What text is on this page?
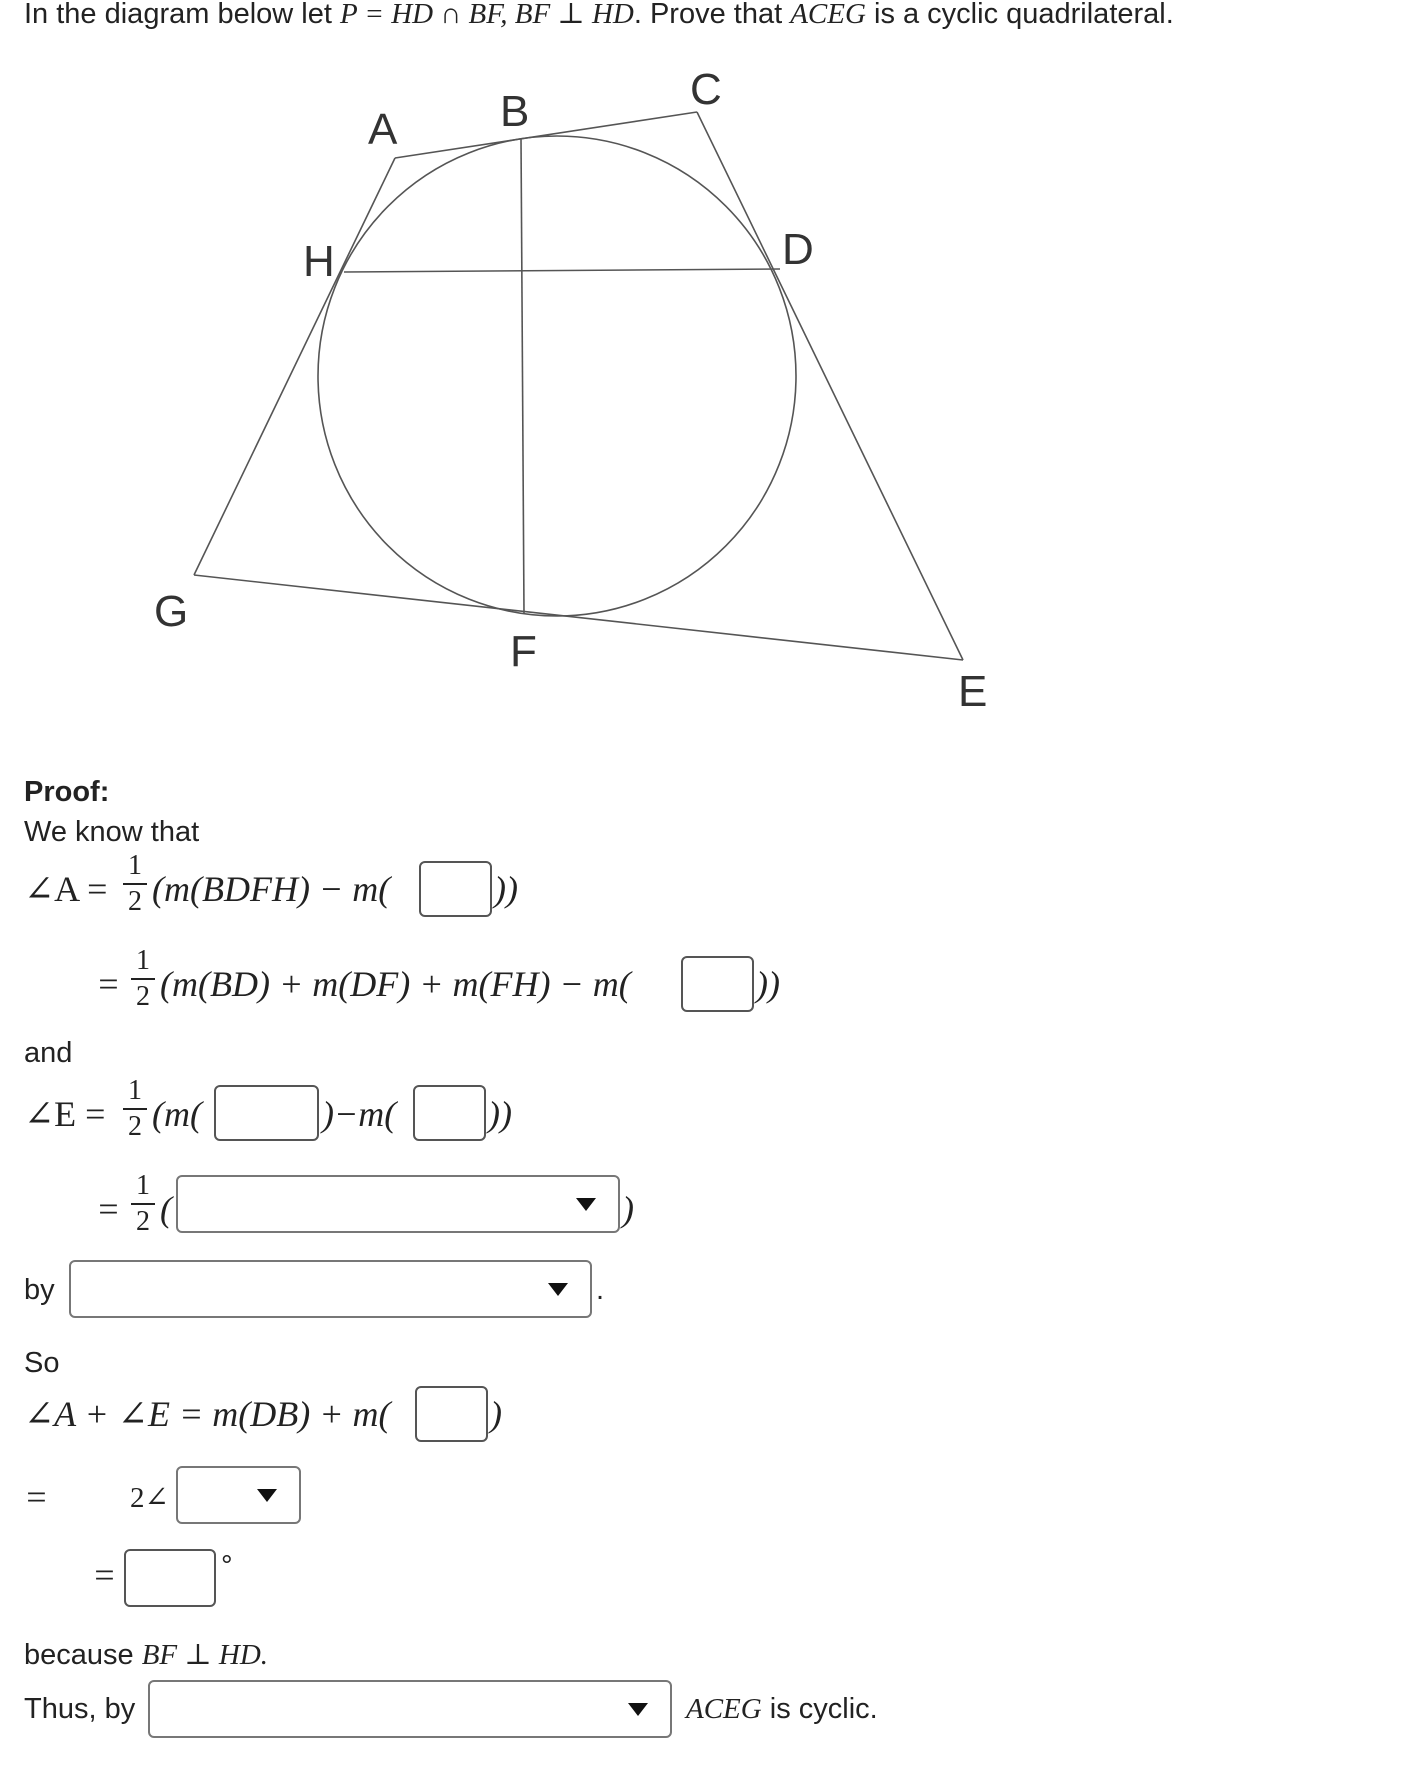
In the diagram below let P = HD ∩ BF, BF ⊥ HD. Prove that ACEG is a cyclic quadrilateral.
A B	C
D
E
F
G
H
Proof:
We know that
∠A =
1
2 (m(BDFH) − m(	))
=
1
2 (m(BD) + m(DF) + m(FH) − m(	))
and
∠E =
1
2 (m(	)−m(	))
=
1
2 (	)
by	.
So
∠A + ∠E = m(DB) + m(	)
=	2∠
=	°
because BF ⊥ HD.
Thus, by	ACEG is cyclic.
